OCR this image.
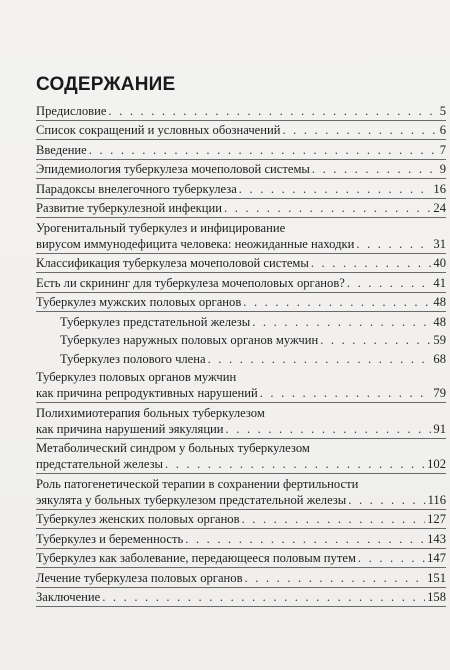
СОДЕРЖАНИЕ
Предисловие . . .	5
Список сокращений и условных обозначений . . .	6
Введение . . .	7
Эпидемиология туберкулеза мочеполовой системы . . .	9
Парадоксы внелегочного туберкулеза . . .	16
Развитие туберкулезной инфекции . . .	24
Урогенитальный туберкулез и инфицирование
вирусом иммунодефицита человека: неожиданные находки . . .	31
Классификация туберкулеза мочеполовой системы . . .	40
Есть ли скрининг для туберкулеза мочеполовых органов? . . .	41
Туберкулез мужских половых органов . . .	48
Туберкулез предстательной железы . . .	48
Туберкулез наружных половых органов мужчин . . .	59
Туберкулез полового члена . . .	68
Туберкулез половых органов мужчин
как причина репродуктивных нарушений . . .	79
Полихимиотерапия больных туберкулезом
как причина нарушений эякуляции . . .	91
Метаболический синдром у больных туберкулезом
предстательной железы . . .	102
Роль патогенетической терапии в сохранении фертильности
эякулята у больных туберкулезом предстательной железы . . .	116
Туберкулез женских половых органов . . .	127
Туберкулез и беременность . . .	143
Туберкулез как заболевание, передающееся половым путем . . .	147
Лечение туберкулеза половых органов . . .	151
Заключение . . .	158
